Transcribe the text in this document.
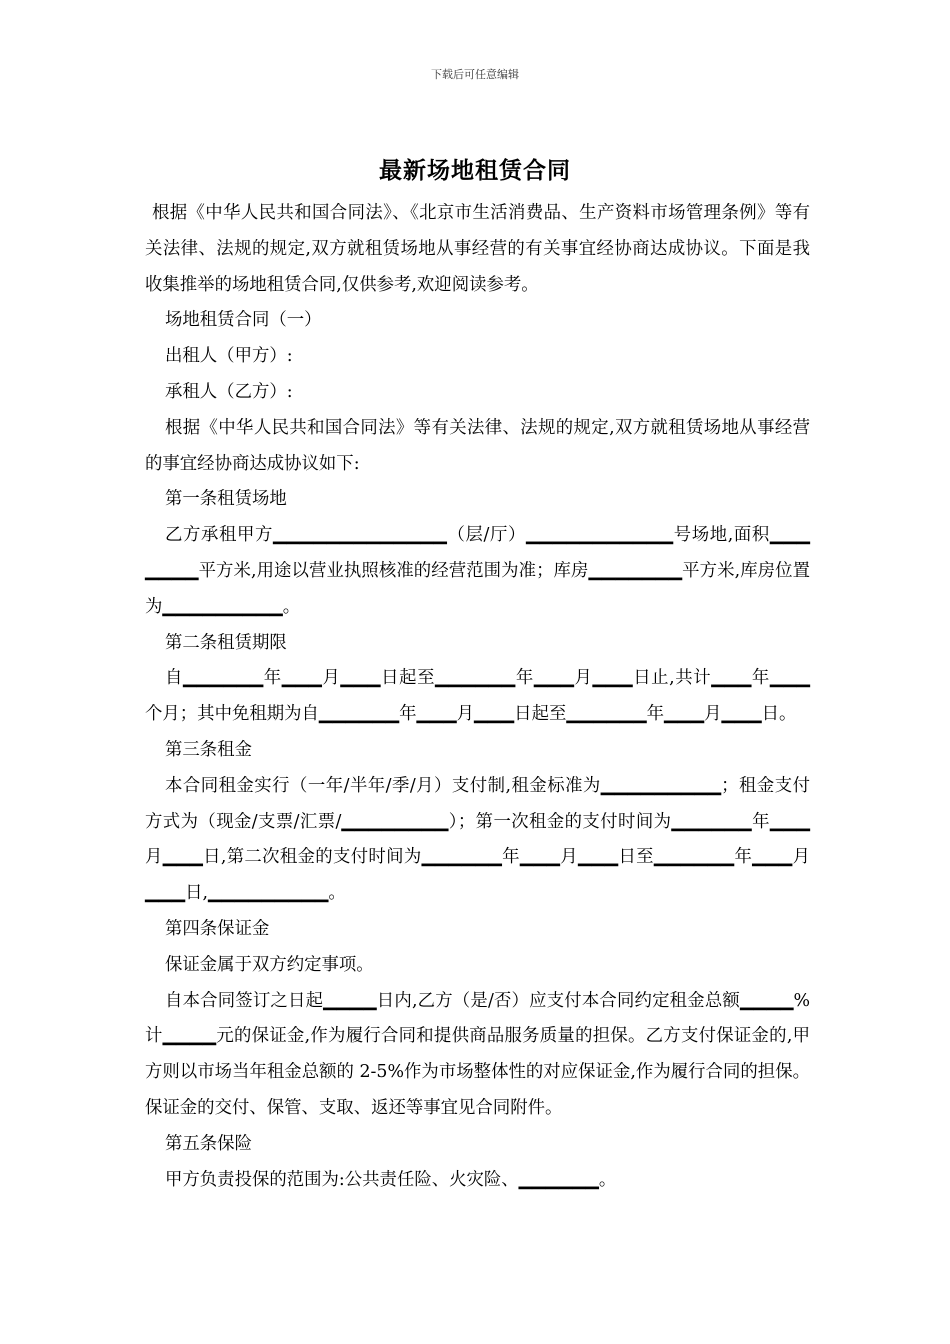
下载后可任意编辑
最新场地租赁合同

根据《中华人民共和国合同法》、《北京市生活消费品、生产资料市场管理条例》等有关法律、法规的规定,双方就租赁场地从事经营的有关事宜经协商达成协议。下面是我收集推举的场地租赁合同,仅供参考,欢迎阅读参考。

场地租赁合同（一）

出租人（甲方）:

承租人（乙方）:

根据《中华人民共和国合同法》等有关法律、法规的规定,双方就租赁场地从事经营的事宜经协商达成协议如下:

第一条租赁场地

乙方承租甲方▁▁▁▁▁▁▁▁▁▁▁▁▁（层/厅）▁▁▁▁▁▁▁▁▁▁▁号场地,面积▁▁▁▁▁▁▁平方米,用途以营业执照核准的经营范围为准；库房▁▁▁▁▁▁▁平方米,库房位置为▁▁▁▁▁▁▁▁▁。

第二条租赁期限

自▁▁▁▁▁▁年▁▁▁月▁▁▁日起至▁▁▁▁▁▁年▁▁▁月▁▁▁日止,共计▁▁▁年▁▁▁个月；其中免租期为自▁▁▁▁▁▁年▁▁▁月▁▁▁日起至▁▁▁▁▁▁年▁▁▁月▁▁▁日。

第三条租金

本合同租金实行（一年/半年/季/月）支付制,租金标准为▁▁▁▁▁▁▁▁▁；租金支付方式为（现金/支票/汇票/▁▁▁▁▁▁▁▁）；第一次租金的支付时间为▁▁▁▁▁▁年▁▁▁月▁▁▁日,第二次租金的支付时间为▁▁▁▁▁▁年▁▁▁月▁▁▁日至▁▁▁▁▁▁年▁▁▁月▁▁▁日,▁▁▁▁▁▁▁▁▁。

第四条保证金

保证金属于双方约定事项。

自本合同签订之日起▁▁▁▁日内,乙方（是/否）应支付本合同约定租金总额▁▁▁▁%计▁▁▁▁元的保证金,作为履行合同和提供商品服务质量的担保。乙方支付保证金的,甲方则以市场当年租金总额的 2-5%作为市场整体性的对应保证金,作为履行合同的担保。保证金的交付、保管、支取、返还等事宜见合同附件。

第五条保险

甲方负责投保的范围为:公共责任险、火灾险、▁▁▁▁▁▁。
